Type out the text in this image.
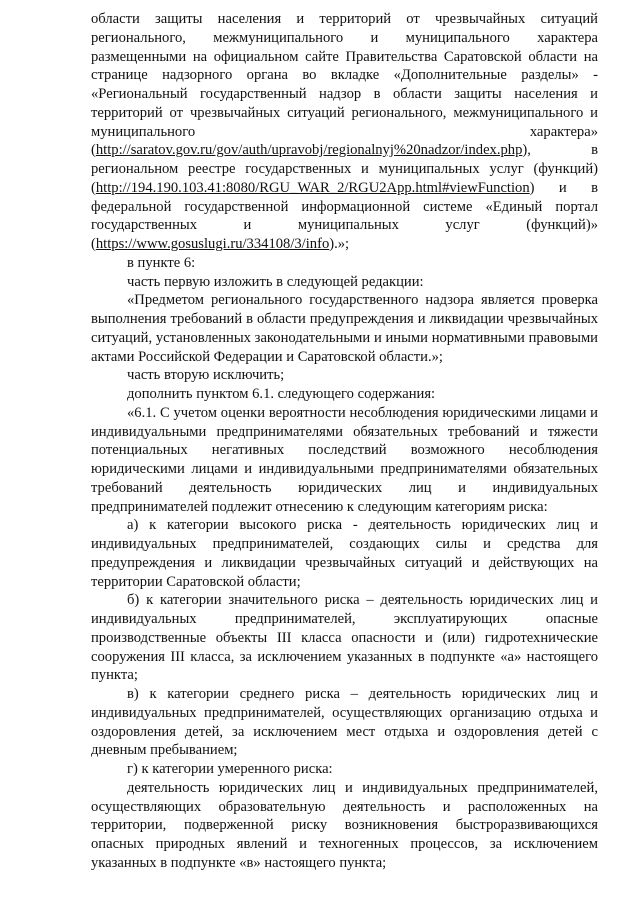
области защиты населения и территорий от чрезвычайных ситуаций регионального, межмуниципального и муниципального характера размещенными на официальном сайте Правительства Саратовской области на странице надзорного органа во вкладке «Дополнительные разделы» - «Региональный государственный надзор в области защиты населения и территорий от чрезвычайных ситуаций регионального, межмуниципального и муниципального характера» (http://saratov.gov.ru/gov/auth/upravobj/regionalnyj%20nadzor/index.php), в региональном реестре государственных и муниципальных услуг (функций) (http://194.190.103.41:8080/RGU_WAR_2/RGU2App.html#viewFunction) и в федеральной государственной информационной системе «Единый портал государственных и муниципальных услуг (функций)» (https://www.gosuslugi.ru/334108/3/info).»;

в пункте 6:

часть первую изложить в следующей редакции:

«Предметом регионального государственного надзора является проверка выполнения требований в области предупреждения и ликвидации чрезвычайных ситуаций, установленных законодательными и иными нормативными правовыми актами Российской Федерации и Саратовской области.»;

часть вторую исключить;

дополнить пунктом 6.1. следующего содержания:

«6.1. С учетом оценки вероятности несоблюдения юридическими лицами и индивидуальными предпринимателями обязательных требований и тяжести потенциальных негативных последствий возможного несоблюдения юридическими лицами и индивидуальными предпринимателями обязательных требований деятельность юридических лиц и индивидуальных предпринимателей подлежит отнесению к следующим категориям риска:

а) к категории высокого риска - деятельность юридических лиц и индивидуальных предпринимателей, создающих силы и средства для предупреждения и ликвидации чрезвычайных ситуаций и действующих на территории Саратовской области;

б) к категории значительного риска – деятельность юридических лиц и индивидуальных предпринимателей, эксплуатирующих опасные производственные объекты III класса опасности и (или) гидротехнические сооружения III класса, за исключением указанных в подпункте «а» настоящего пункта;

в) к категории среднего риска – деятельность юридических лиц и индивидуальных предпринимателей, осуществляющих организацию отдыха и оздоровления детей, за исключением мест отдыха и оздоровления детей с дневным пребыванием;

г) к категории умеренного риска:

деятельность юридических лиц и индивидуальных предпринимателей, осуществляющих образовательную деятельность и расположенных на территории, подверженной риску возникновения быстроразвивающихся опасных природных явлений и техногенных процессов, за исключением указанных в подпункте «в» настоящего пункта;
